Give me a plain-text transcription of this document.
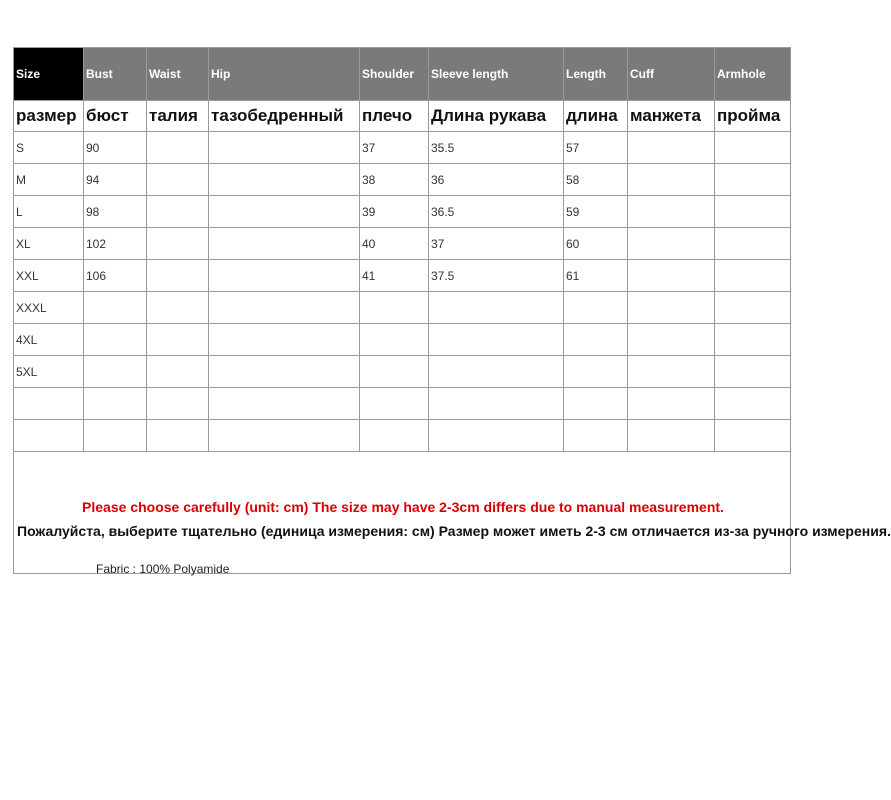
Size	Bust	Waist	Hip	Shoulder	Sleeve length	Length	Cuff	Armhole
размер	бюст	талия	тазобедренный	плечо	Длина рукава	длина	манжета	пройма
S	90			37	35.5	57		
M	94			38	36	58		
L	98			39	36.5	59		
XL	102			40	37	60		
XXL	106			41	37.5	61		
XXXL								
4XL								
5XL								

Please choose carefully (unit: cm) The size may have 2-3cm differs due to manual measurement.
Пожалуйста, выберите тщательно (единица измерения: см) Размер может иметь 2-3 см отличается из-за ручного измерения.								
Fabric : 100% Polyamide
